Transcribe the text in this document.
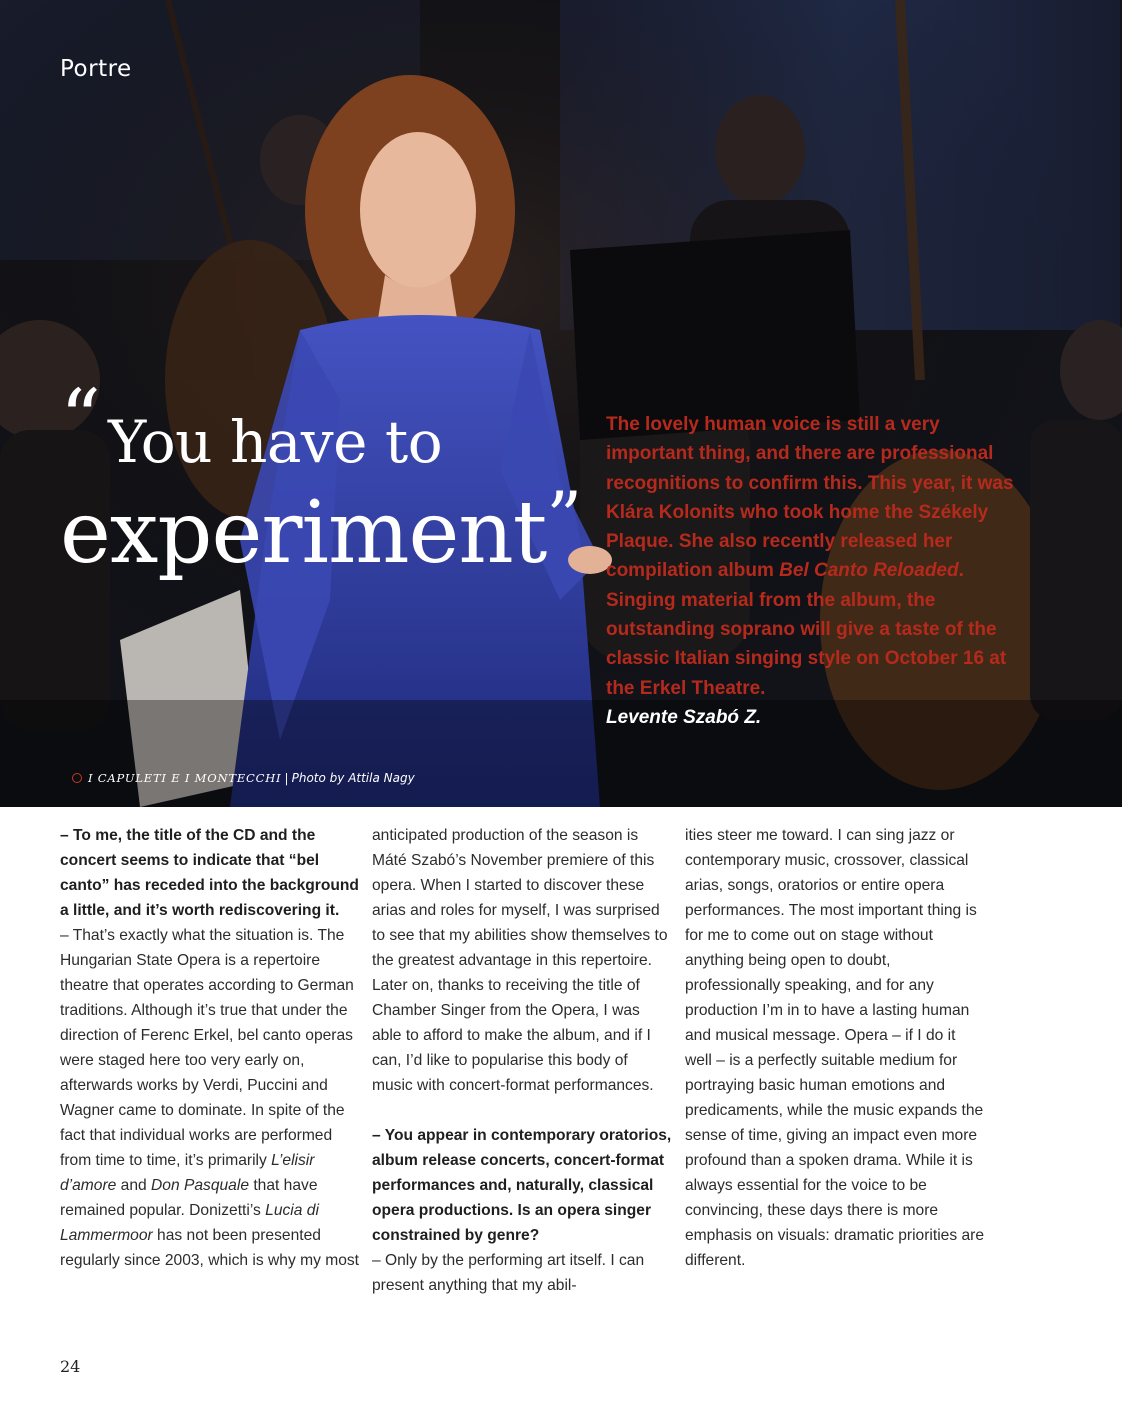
Portre
“ You have to
experiment”
The lovely human voice is still a very important thing, and there are professional recognitions to confirm this. This year, it was Klára Kolonits who took home the Székely Plaque. She also recently released her compilation album Bel Canto Reloaded. Singing material from the album, the outstanding soprano will give a taste of the classic Italian singing style on October 16 at the Erkel Theatre.
Levente Szabó Z.
I CAPULETI E I MONTECCHI | Photo by Attila Nagy

– To me, the title of the CD and the concert seems to indicate that “bel canto” has receded into the background a little, and it’s worth rediscovering it.

– That’s exactly what the situation is. The Hungarian State Opera is a repertoire theatre that operates according to German traditions. Although it’s true that under the direction of Ferenc Erkel, bel canto operas were staged here too very early on, afterwards works by Verdi, Puccini and Wagner came to dominate. In spite of the fact that individual works are performed from time to time, it’s primarily L’elisir d’amore and Don Pasquale that have remained popular. Donizetti’s Lucia di Lammermoor has not been presented regularly since 2003, which is why my most

anticipated production of the season is Máté Szabó’s November premiere of this opera. When I started to discover these arias and roles for myself, I was surprised to see that my abilities show themselves to the greatest advantage in this repertoire. Later on, thanks to receiving the title of Chamber Singer from the Opera, I was able to afford to make the album, and if I can, I’d like to popularise this body of music with concert-format performances.

– You appear in contemporary oratorios, album release concerts, concert-format performances and, naturally, classical opera productions. Is an opera singer constrained by genre?

– Only by the performing art itself. I can present anything that my abil-

ities steer me toward. I can sing jazz or contemporary music, crossover, classical arias, songs, oratorios or entire opera performances. The most important thing is for me to come out on stage without anything being open to doubt, professionally speaking, and for any production I’m in to have a lasting human and musical message. Opera – if I do it well – is a perfectly suitable medium for portraying basic human emotions and predicaments, while the music expands the sense of time, giving an impact even more profound than a spoken drama. While it is always essential for the voice to be convincing, these days there is more emphasis on visuals: dramatic priorities are different.

24
